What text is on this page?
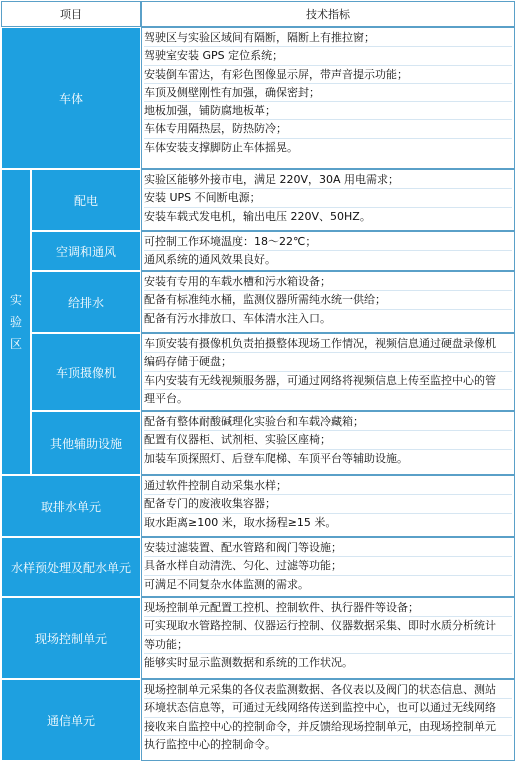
项目	技术指标
车体

驾驶区与实验区域间有隔断，隔断上有推拉窗；

驾驶室安装 GPS 定位系统；

安装倒车雷达，有彩色图像显示屏，带声音提示功能；

车顶及侧壁刚性有加强，确保密封；

地板加强，铺防腐地板革；

车体专用隔热层，防热防冷；

车体安装支撑脚防止车体摇晃。

实
验
区
配电

实验区能够外接市电，满足 220V，30A 用电需求；

安装 UPS 不间断电源；

安装车载式发电机，输出电压 220V、50HZ。

空调和通风

可控制工作环境温度：18～22℃；

通风系统的通风效果良好。

给排水

安装有专用的车载水槽和污水箱设备；

配备有标准纯水桶，监测仪器所需纯水统一供给；

配备有污水排放口、车体清水注入口。

车顶摄像机

车顶安装有摄像机负责拍摄整体现场工作情况，视频信息通过硬盘录像机

编码存储于硬盘；

车内安装有无线视频服务器，可通过网络将视频信息上传至监控中心的管

理平台。

其他辅助设施

配备有整体耐酸碱理化实验台和车载冷藏箱；

配置有仪器柜、试剂柜、实验区座椅；

加装车顶探照灯、后登车爬梯、车顶平台等辅助设施。

取排水单元

通过软件控制自动采集水样；

配备专门的废液收集容器；

取水距离≥100 米，取水扬程≥15 米。

水样预处理及配水单元

安装过滤装置、配水管路和阀门等设施；

具备水样自动清洗、匀化、过滤等功能；

可满足不同复杂水体监测的需求。

现场控制单元

现场控制单元配置工控机、控制软件、执行器件等设备；

可实现取水管路控制、仪器运行控制、仪器数据采集、即时水质分析统计

等功能；

能够实时显示监测数据和系统的工作状况。

通信单元

现场控制单元采集的各仪表监测数据、各仪表以及阀门的状态信息、测站

环境状态信息等，可通过无线网络传送到监控中心，也可以通过无线网络

接收来自监控中心的控制命令，并反馈给现场控制单元，由现场控制单元

执行监控中心的控制命令。
